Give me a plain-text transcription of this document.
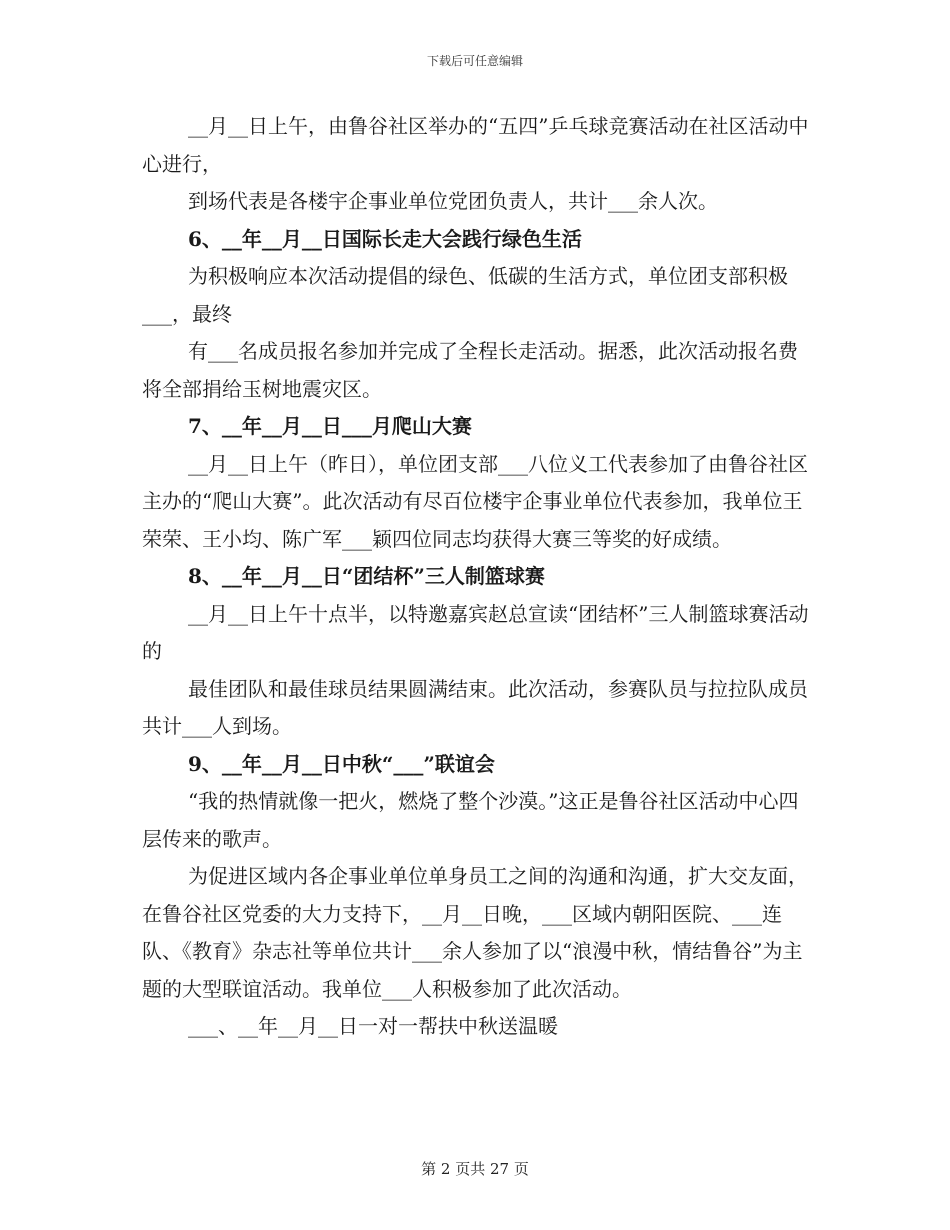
下载后可任意编辑

__月__日上午，由鲁谷社区举办的“五四”乒乓球竞赛活动在社区活动中心进行，

到场代表是各楼宇企事业单位党团负责人，共计___余人次。

6、__年__月__日国际长走大会践行绿色生活

为积极响应本次活动提倡的绿色、低碳的生活方式，单位团支部积极___，最终

有___名成员报名参加并完成了全程长走活动。据悉，此次活动报名费将全部捐给玉树地震灾区。

7、__年__月__日___月爬山大赛

__月__日上午（昨日），单位团支部___八位义工代表参加了由鲁谷社区主办的“爬山大赛”。此次活动有尽百位楼宇企事业单位代表参加，我单位王荣荣、王小均、陈广军___颖四位同志均获得大赛三等奖的好成绩。

8、__年__月__日“团结杯”三人制篮球赛

__月__日上午十点半，以特邀嘉宾赵总宣读“团结杯”三人制篮球赛活动的

最佳团队和最佳球员结果圆满结束。此次活动，参赛队员与拉拉队成员共计___人到场。

9、__年__月__日中秋“___”联谊会

“我的热情就像一把火，燃烧了整个沙漠。”这正是鲁谷社区活动中心四层传来的歌声。

为促进区域内各企事业单位单身员工之间的沟通和沟通，扩大交友面，在鲁谷社区党委的大力支持下，__月__日晚，___区域内朝阳医院、___连队、《教育》杂志社等单位共计___余人参加了以“浪漫中秋，情结鲁谷”为主题的大型联谊活动。我单位___人积极参加了此次活动。

___、__年__月__日一对一帮扶中秋送温暖

第 2 页共 27 页
